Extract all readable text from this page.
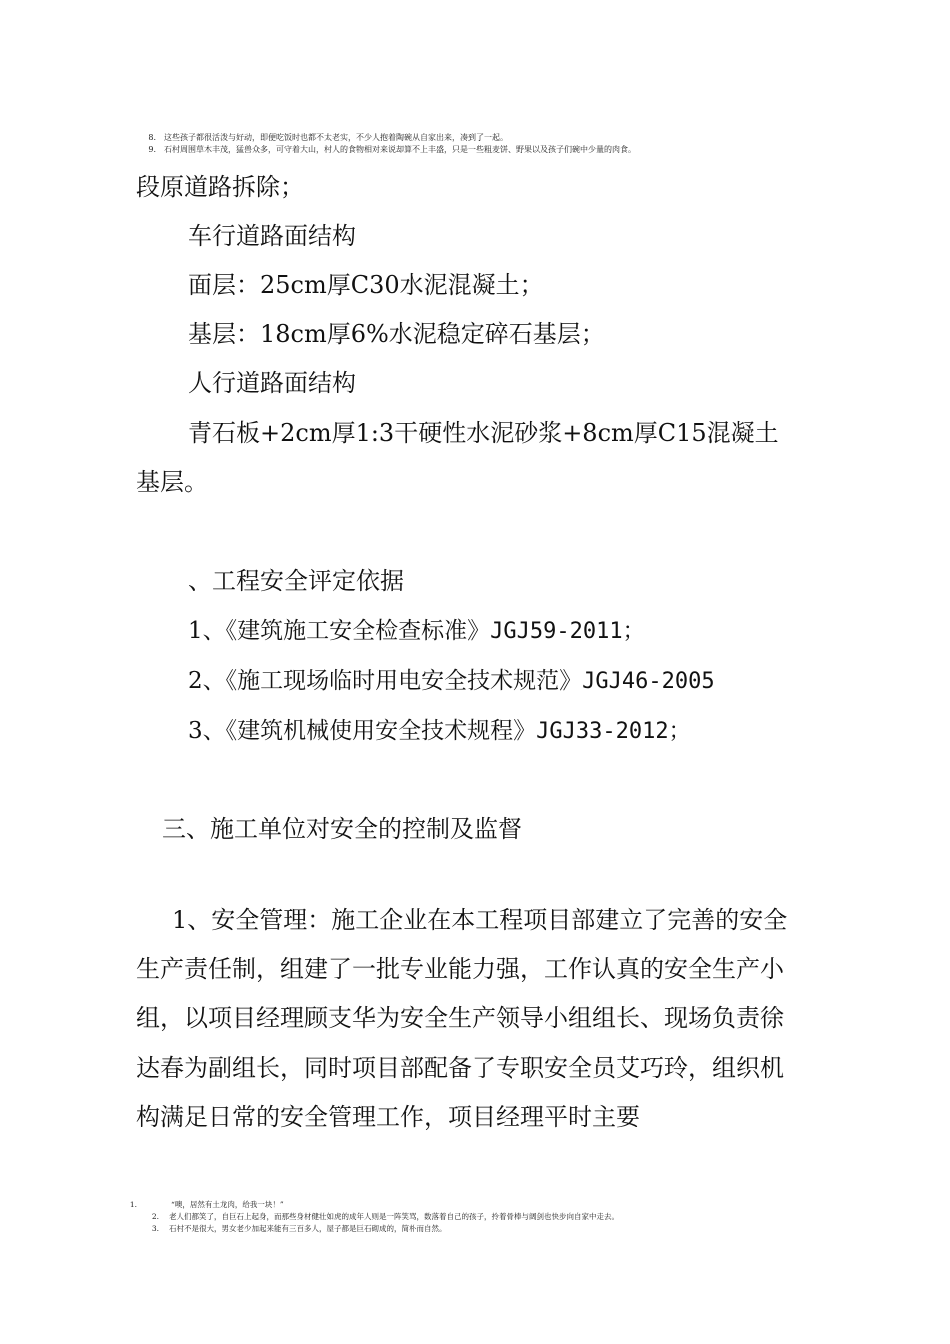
8. 这些孩子都很活泼与好动，即便吃饭时也都不太老实，不少人抱着陶碗从自家出来，凑到了一起。
9. 石村周围草木丰茂，猛兽众多，可守着大山，村人的食物相对来说却算不上丰盛，只是一些粗麦饼、野果以及孩子们碗中少量的肉食。
段原道路拆除；
车行道路面结构
面层：25cm厚C30水泥混凝土；
基层：18cm厚6%水泥稳定碎石基层；
人行道路面结构
青石板+2cm厚1:3干硬性水泥砂浆+8cm厚C15混凝土
基层。
、工程安全评定依据
1、《建筑施工安全检查标准》JGJ59-2011；
2、《施工现场临时用电安全技术规范》JGJ46-2005
3、《建筑机械使用安全技术规程》JGJ33-2012；
三、施工单位对安全的控制及监督
1、安全管理：施工企业在本工程项目部建立了完善的安全
生产责任制，组建了一批专业能力强，工作认真的安全生产小
组，以项目经理顾支华为安全生产领导小组组长、现场负责徐
达春为副组长，同时项目部配备了专职安全员艾巧玲，组织机
构满足日常的安全管理工作，项目经理平时主要
1.	“噢，居然有土龙肉，给我一块！”
2. 老人们都笑了，自巨石上起身，而那些身材健壮如虎的成年人则是一阵笑骂，数落着自己的孩子，拎着骨棒与阔剑也快步向自家中走去。
3. 石村不是很大，男女老少加起来能有三百多人，屋子都是巨石砌成的，简朴而自然。
